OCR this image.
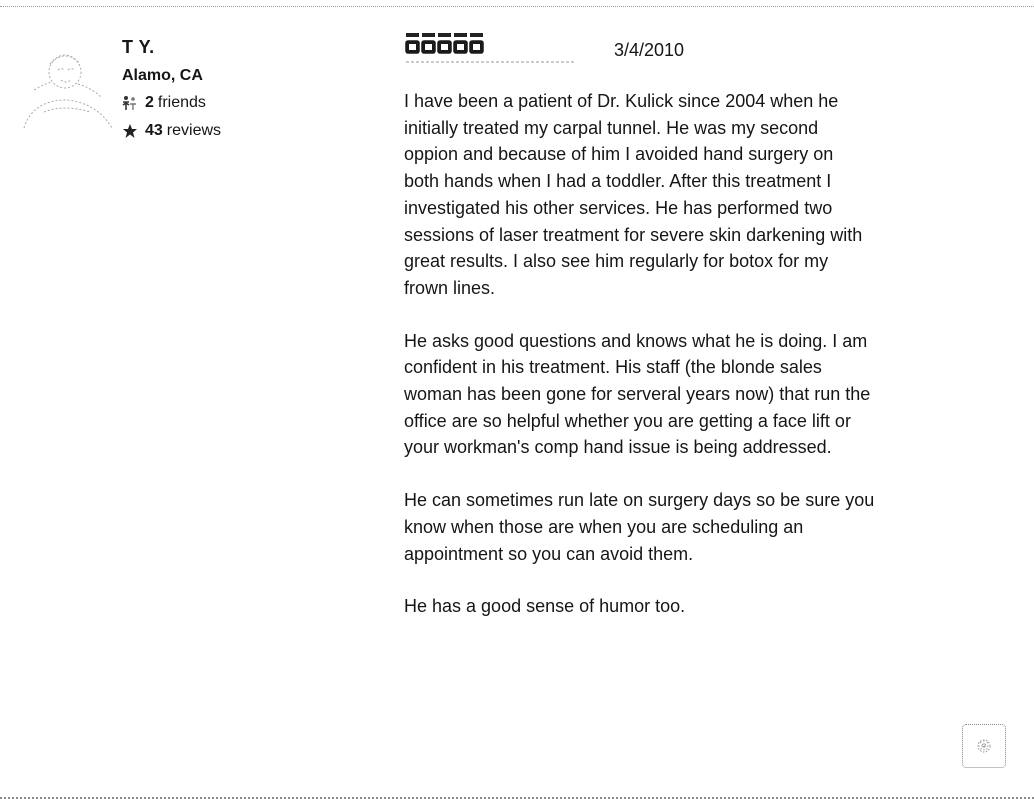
T Y.
Alamo, CA
2 friends
43 reviews
3/4/2010

I have been a patient of Dr. Kulick since 2004 when he
initially treated my carpal tunnel. He was my second
oppion and because of him I avoided hand surgery on
both hands when I had a toddler. After this treatment I
investigated his other services. He has performed two
sessions of laser treatment for severe skin darkening with
great results. I also see him regularly for botox for my
frown lines.

He asks good questions and knows what he is doing. I am
confident in his treatment. His staff (the blonde sales
woman has been gone for serveral years now) that run the
office are so helpful whether you are getting a face lift or
your workman's comp hand issue is being addressed.

He can sometimes run late on surgery days so be sure you
know when those are when you are scheduling an
appointment so you can avoid them.

He has a good sense of humor too.
